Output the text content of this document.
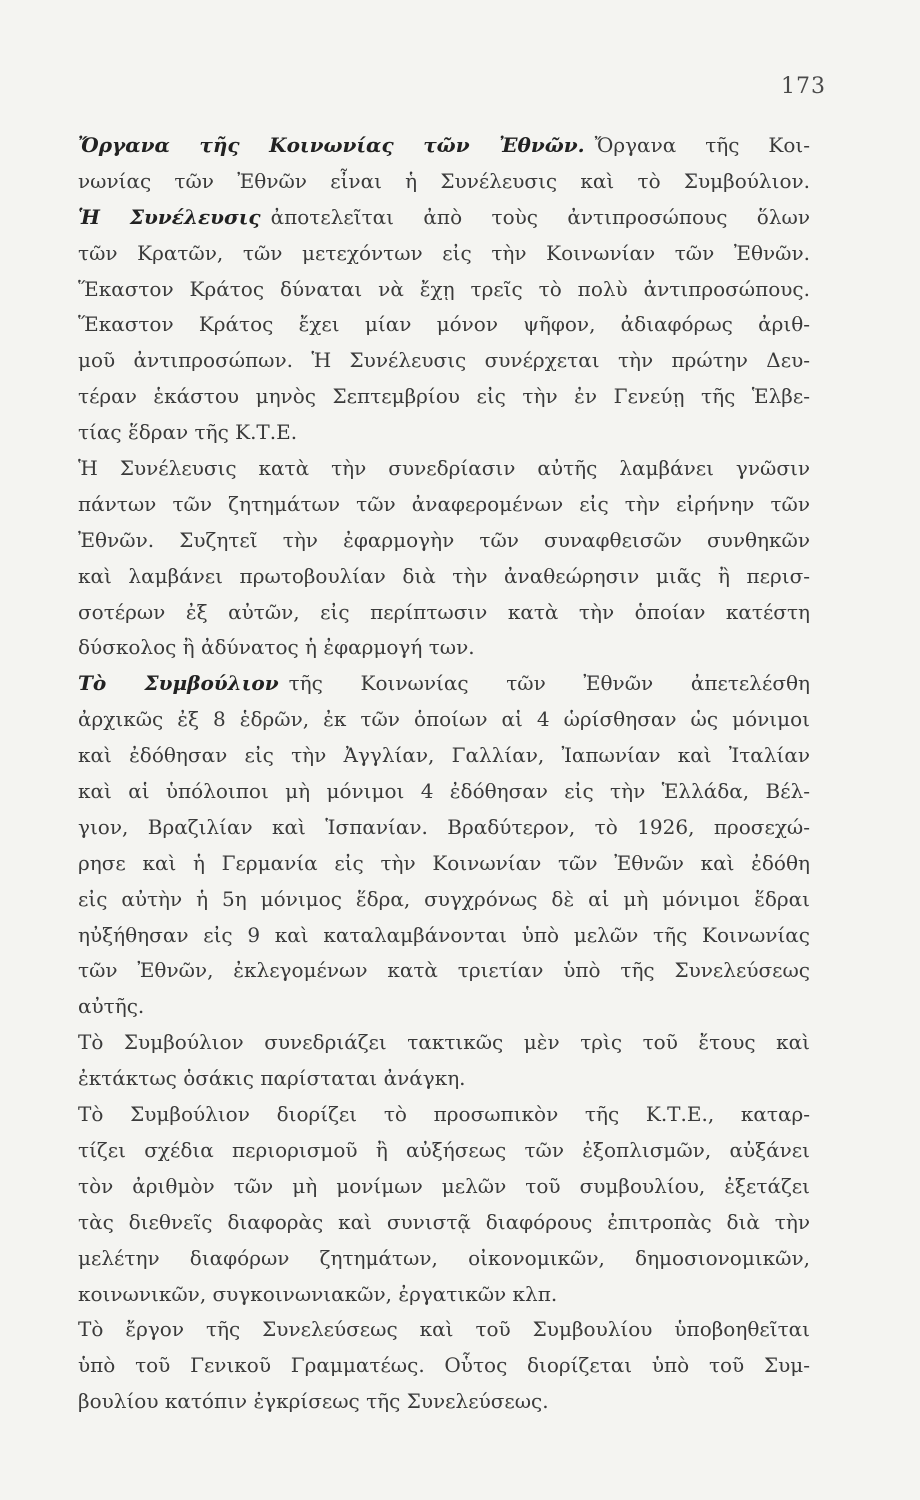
173
Ὄργανα τῆς Κοινωνίας τῶν Ἐθνῶν. Ὄργανα τῆς Κοι-
νωνίας τῶν Ἐθνῶν εἶναι ἡ Συνέλευσις καὶ τὸ Συμβούλιον.
Ἡ Συνέλευσις ἀποτελεῖται ἀπὸ τοὺς ἀντιπροσώπους ὅλων
τῶν Κρατῶν, τῶν μετεχόντων εἰς τὴν Κοινωνίαν τῶν Ἐθνῶν.
Ἕκαστον Κράτος δύναται νὰ ἔχῃ τρεῖς τὸ πολὺ ἀντιπροσώπους.
Ἕκαστον Κράτος ἔχει μίαν μόνον ψῆφον, ἀδιαφόρως ἀριθ-
μοῦ ἀντιπροσώπων. Ἡ Συνέλευσις συνέρχεται τὴν πρώτην Δευ-
τέραν ἑκάστου μηνὸς Σεπτεμβρίου εἰς τὴν ἐν Γενεύῃ τῆς Ἑλβε-
τίας ἕδραν τῆς Κ.Τ.Ε.
Ἡ Συνέλευσις κατὰ τὴν συνεδρίασιν αὐτῆς λαμβάνει γνῶσιν
πάντων τῶν ζητημάτων τῶν ἀναφερομένων εἰς τὴν εἰρήνην τῶν
Ἐθνῶν. Συζητεῖ τὴν ἐφαρμογὴν τῶν συναφθεισῶν συνθηκῶν
καὶ λαμβάνει πρωτοβουλίαν διὰ τὴν ἀναθεώρησιν μιᾶς ἢ περισ-
σοτέρων ἐξ αὐτῶν, εἰς περίπτωσιν κατὰ τὴν ὁποίαν κατέστη
δύσκολος ἢ ἀδύνατος ἡ ἐφαρμογή των.
Τὸ Συμβούλιον τῆς Κοινωνίας τῶν Ἐθνῶν ἀπετελέσθη
ἀρχικῶς ἐξ 8 ἑδρῶν, ἐκ τῶν ὁποίων αἱ 4 ὡρίσθησαν ὡς μόνιμοι
καὶ ἐδόθησαν εἰς τὴν Ἀγγλίαν, Γαλλίαν, Ἰαπωνίαν καὶ Ἰταλίαν
καὶ αἱ ὑπόλοιποι μὴ μόνιμοι 4 ἐδόθησαν εἰς τὴν Ἑλλάδα, Βέλ-
γιον, Βραζιλίαν καὶ Ἱσπανίαν. Βραδύτερον, τὸ 1926, προσεχώ-
ρησε καὶ ἡ Γερμανία εἰς τὴν Κοινωνίαν τῶν Ἐθνῶν καὶ ἐδόθη
εἰς αὐτὴν ἡ 5η μόνιμος ἕδρα, συγχρόνως δὲ αἱ μὴ μόνιμοι ἕδραι
ηὐξήθησαν εἰς 9 καὶ καταλαμβάνονται ὑπὸ μελῶν τῆς Κοινωνίας
τῶν Ἐθνῶν, ἐκλεγομένων κατὰ τριετίαν ὑπὸ τῆς Συνελεύσεως
αὐτῆς.
Τὸ Συμβούλιον συνεδριάζει τακτικῶς μὲν τρὶς τοῦ ἔτους καὶ
ἐκτάκτως ὁσάκις παρίσταται ἀνάγκη.
Τὸ Συμβούλιον διορίζει τὸ προσωπικὸν τῆς Κ.Τ.Ε., καταρ-
τίζει σχέδια περιορισμοῦ ἢ αὐξήσεως τῶν ἐξοπλισμῶν, αὐξάνει
τὸν ἀριθμὸν τῶν μὴ μονίμων μελῶν τοῦ συμβουλίου, ἐξετάζει
τὰς διεθνεῖς διαφορὰς καὶ συνιστᾷ διαφόρους ἐπιτροπὰς διὰ τὴν
μελέτην διαφόρων ζητημάτων, οἰκονομικῶν, δημοσιονομικῶν,
κοινωνικῶν, συγκοινωνιακῶν, ἐργατικῶν κλπ.
Τὸ ἔργον τῆς Συνελεύσεως καὶ τοῦ Συμβουλίου ὑποβοηθεῖται
ὑπὸ τοῦ Γενικοῦ Γραμματέως. Οὗτος διορίζεται ὑπὸ τοῦ Συμ-
βουλίου κατόπιν ἐγκρίσεως τῆς Συνελεύσεως.
